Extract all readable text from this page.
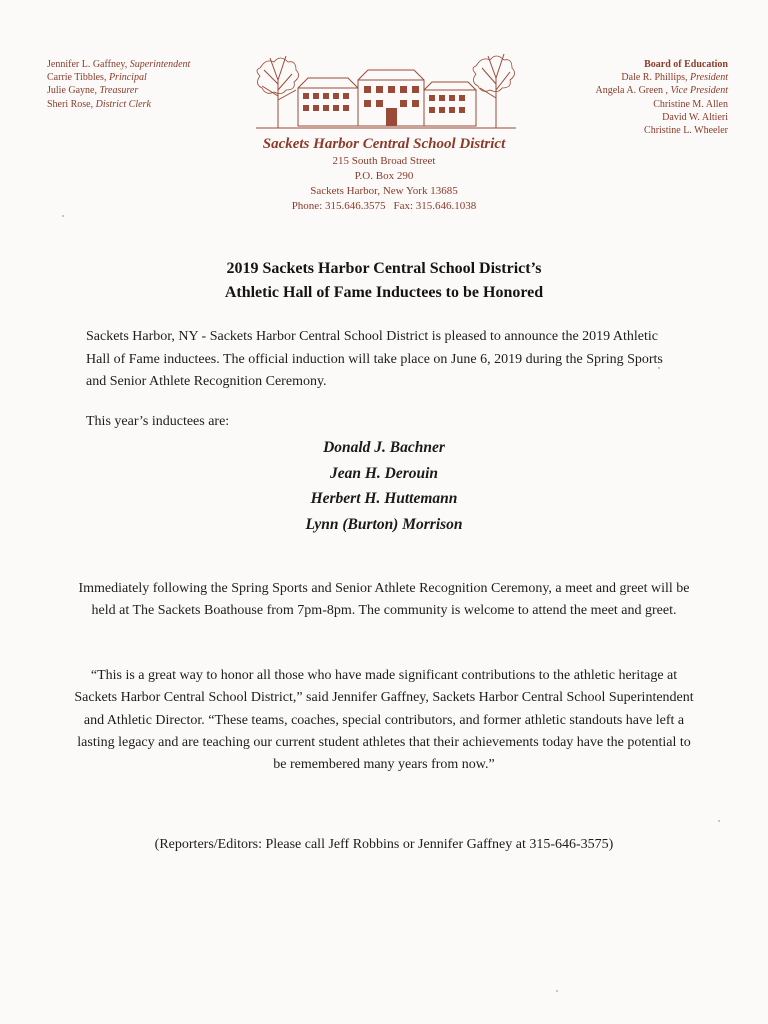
Jennifer L. Gaffney, Superintendent
Carrie Tibbles, Principal
Julie Gayne, Treasurer
Sheri Rose, District Clerk
Board of Education
Dale R. Phillips, President
Angela A. Green , Vice President
Christine M. Allen
David W. Altieri
Christine L. Wheeler
Sackets Harbor Central School District
215 South Broad Street
P.O. Box 290
Sackets Harbor, New York 13685
Phone: 315.646.3575 Fax: 315.646.1038
2019 Sackets Harbor Central School District’s
Athletic Hall of Fame Inductees to be Honored
Sackets Harbor, NY - Sackets Harbor Central School District is pleased to announce the 2019 Athletic Hall of Fame inductees. The official induction will take place on June 6, 2019 during the Spring Sports and Senior Athlete Recognition Ceremony.
This year’s inductees are:
Donald J. Bachner
Jean H. Derouin
Herbert H. Huttemann
Lynn (Burton) Morrison
Immediately following the Spring Sports and Senior Athlete Recognition Ceremony, a meet and greet will be held at The Sackets Boathouse from 7pm-8pm. The community is welcome to attend the meet and greet.
“This is a great way to honor all those who have made significant contributions to the athletic heritage at Sackets Harbor Central School District,” said Jennifer Gaffney, Sackets Harbor Central School Superintendent and Athletic Director. “These teams, coaches, special contributors, and former athletic standouts have left a lasting legacy and are teaching our current student athletes that their achievements today have the potential to be remembered many years from now.”
(Reporters/Editors: Please call Jeff Robbins or Jennifer Gaffney at 315-646-3575)
